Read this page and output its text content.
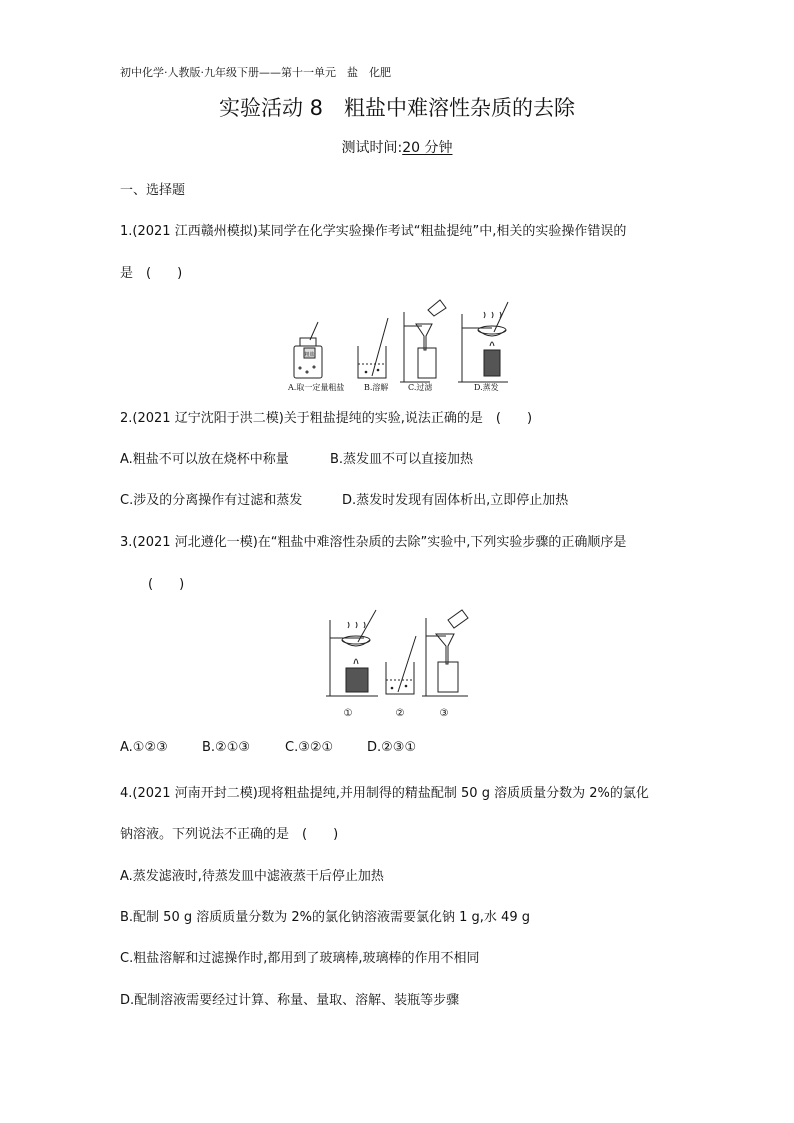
初中化学·人教版·九年级下册——第十一单元　盐　化肥
实验活动 8　粗盐中难溶性杂质的去除
测试时间:20 分钟
一、选择题
1.(2021 江西赣州模拟)某同学在化学实验操作考试“粗盐提纯”中,相关的实验操作错误的
是　(　　)
粗盐
A.取一定量粗盐 B.溶解 C.过滤	D.蒸发
2.(2021 辽宁沈阳于洪二模)关于粗盐提纯的实验,说法正确的是　(　　)
A.粗盐不可以放在烧杯中称量	B.蒸发皿不可以直接加热
C.涉及的分离操作有过滤和蒸发	D.蒸发时发现有固体析出,立即停止加热
3.(2021 河北遵化一模)在“粗盐中难溶性杂质的去除”实验中,下列实验步骤的正确顺序是
(　　)
①	②	③
A.①②③	B.②①③	C.③②①	D.②③①
4.(2021 河南开封二模)现将粗盐提纯,并用制得的精盐配制 50 g 溶质质量分数为 2%的氯化
钠溶液。下列说法不正确的是　(　　)
A.蒸发滤液时,待蒸发皿中滤液蒸干后停止加热
B.配制 50 g 溶质质量分数为 2%的氯化钠溶液需要氯化钠 1 g,水 49 g
C.粗盐溶解和过滤操作时,都用到了玻璃棒,玻璃棒的作用不相同
D.配制溶液需要经过计算、称量、量取、溶解、装瓶等步骤
